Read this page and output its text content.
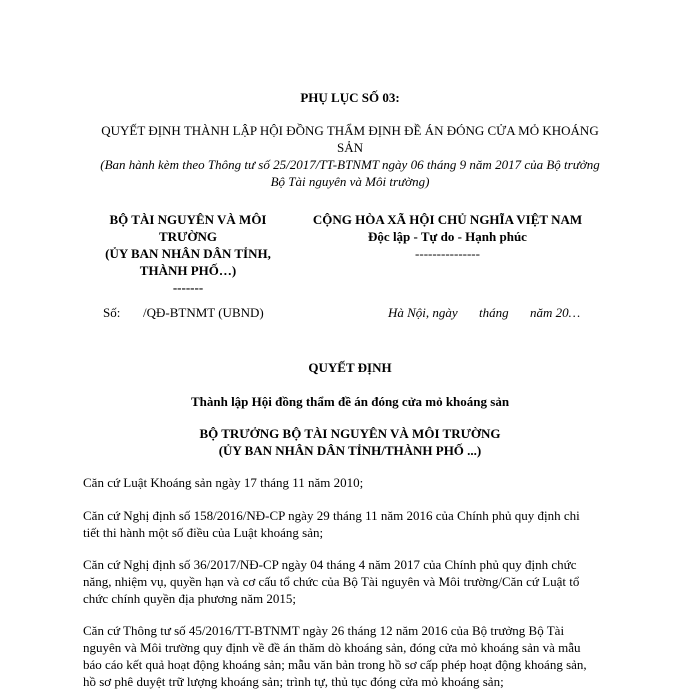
PHỤ LỤC SỐ 03:
QUYẾT ĐỊNH THÀNH LẬP HỘI ĐỒNG THẨM ĐỊNH ĐỀ ÁN ĐÓNG CỬA MỎ KHOÁNG
SẢN
(Ban hành kèm theo Thông tư số 25/2017/TT-BTNMT ngày 06 tháng 9 năm 2017 của Bộ trưởng
Bộ Tài nguyên và Môi trường)
BỘ TÀI NGUYÊN VÀ MÔI
TRƯỜNG
(ỦY BAN NHÂN DÂN TỈNH,
THÀNH PHỐ…)
-------
CỘNG HÒA XÃ HỘI CHỦ NGHĨA VIỆT NAM
Độc lập - Tự do - Hạnh phúc
---------------
Số: /QĐ-BTNMT (UBND)	Hà Nội, ngày tháng năm 20…
QUYẾT ĐỊNH
Thành lập Hội đồng thẩm đề án đóng cửa mỏ khoáng sản
BỘ TRƯỞNG BỘ TÀI NGUYÊN VÀ MÔI TRƯỜNG
(ỦY BAN NHÂN DÂN TỈNH/THÀNH PHỐ ...)
Căn cứ Luật Khoáng sản ngày 17 tháng 11 năm 2010;
Căn cứ Nghị định số 158/2016/NĐ-CP ngày 29 tháng 11 năm 2016 của Chính phủ quy định chi
tiết thi hành một số điều của Luật khoáng sản;
Căn cứ Nghị định số 36/2017/NĐ-CP ngày 04 tháng 4 năm 2017 của Chính phủ quy định chức
năng, nhiệm vụ, quyền hạn và cơ cấu tổ chức của Bộ Tài nguyên và Môi trường/Căn cứ Luật tổ
chức chính quyền địa phương năm 2015;
Căn cứ Thông tư số 45/2016/TT-BTNMT ngày 26 tháng 12 năm 2016 của Bộ trưởng Bộ Tài
nguyên và Môi trường quy định về đề án thăm dò khoáng sản, đóng cửa mỏ khoáng sản và mẫu
báo cáo kết quả hoạt động khoáng sản; mẫu văn bản trong hồ sơ cấp phép hoạt động khoáng sản,
hồ sơ phê duyệt trữ lượng khoáng sản; trình tự, thủ tục đóng cửa mỏ khoáng sản;
